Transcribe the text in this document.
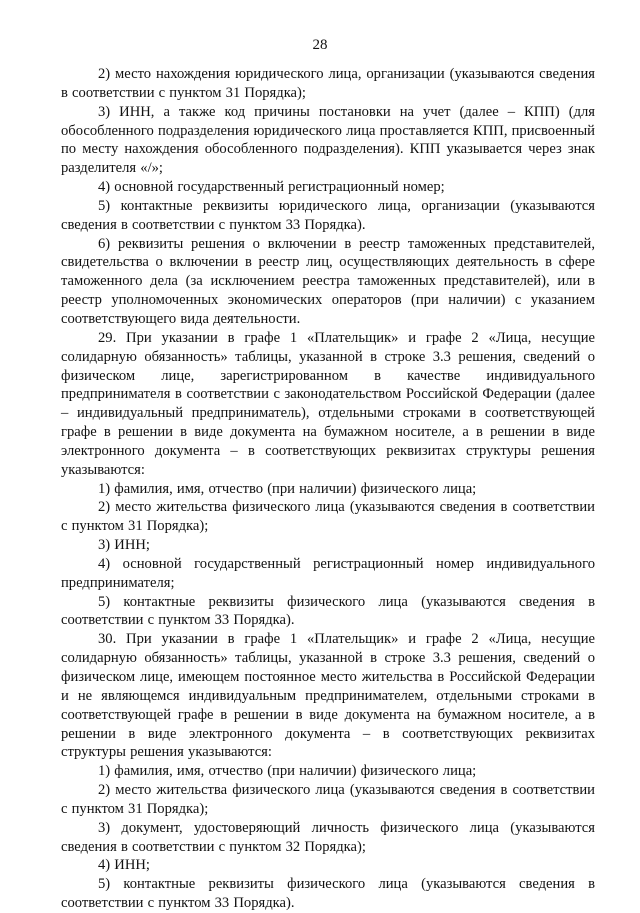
28

2) место нахождения юридического лица, организации (указываются сведения в соответствии с пунктом 31 Порядка);

3) ИНН, а также код причины постановки на учет (далее – КПП) (для обособленного подразделения юридического лица проставляется КПП, присвоенный по месту нахождения обособленного подразделения). КПП указывается через знак разделителя «/»;

4) основной государственный регистрационный номер;

5) контактные реквизиты юридического лица, организации (указываются сведения в соответствии с пунктом 33 Порядка).

6) реквизиты решения о включении в реестр таможенных представителей, свидетельства о включении в реестр лиц, осуществляющих деятельность в сфере таможенного дела (за исключением реестра таможенных представителей), или в реестр уполномоченных экономических операторов (при наличии) с указанием соответствующего вида деятельности.

29. При указании в графе 1 «Плательщик» и графе 2 «Лица, несущие солидарную обязанность» таблицы, указанной в строке 3.3 решения, сведений о физическом лице, зарегистрированном в качестве индивидуального предпринимателя в соответствии с законодательством Российской Федерации (далее – индивидуальный предприниматель), отдельными строками в соответствующей графе в решении в виде документа на бумажном носителе, а в решении в виде электронного документа – в соответствующих реквизитах структуры решения указываются:

1) фамилия, имя, отчество (при наличии) физического лица;

2) место жительства физического лица (указываются сведения в соответствии с пунктом 31 Порядка);

3) ИНН;

4) основной государственный регистрационный номер индивидуального предпринимателя;

5) контактные реквизиты физического лица (указываются сведения в соответствии с пунктом 33 Порядка).

30. При указании в графе 1 «Плательщик» и графе 2 «Лица, несущие солидарную обязанность» таблицы, указанной в строке 3.3 решения, сведений о физическом лице, имеющем постоянное место жительства в Российской Федерации и не являющемся индивидуальным предпринимателем, отдельными строками в соответствующей графе в решении в виде документа на бумажном носителе, а в решении в виде электронного документа – в соответствующих реквизитах структуры решения указываются:

1) фамилия, имя, отчество (при наличии) физического лица;

2) место жительства физического лица (указываются сведения в соответствии с пунктом 31 Порядка);

3) документ, удостоверяющий личность физического лица (указываются сведения в соответствии с пунктом 32 Порядка);

4) ИНН;

5) контактные реквизиты физического лица (указываются сведения в соответствии с пунктом 33 Порядка).
